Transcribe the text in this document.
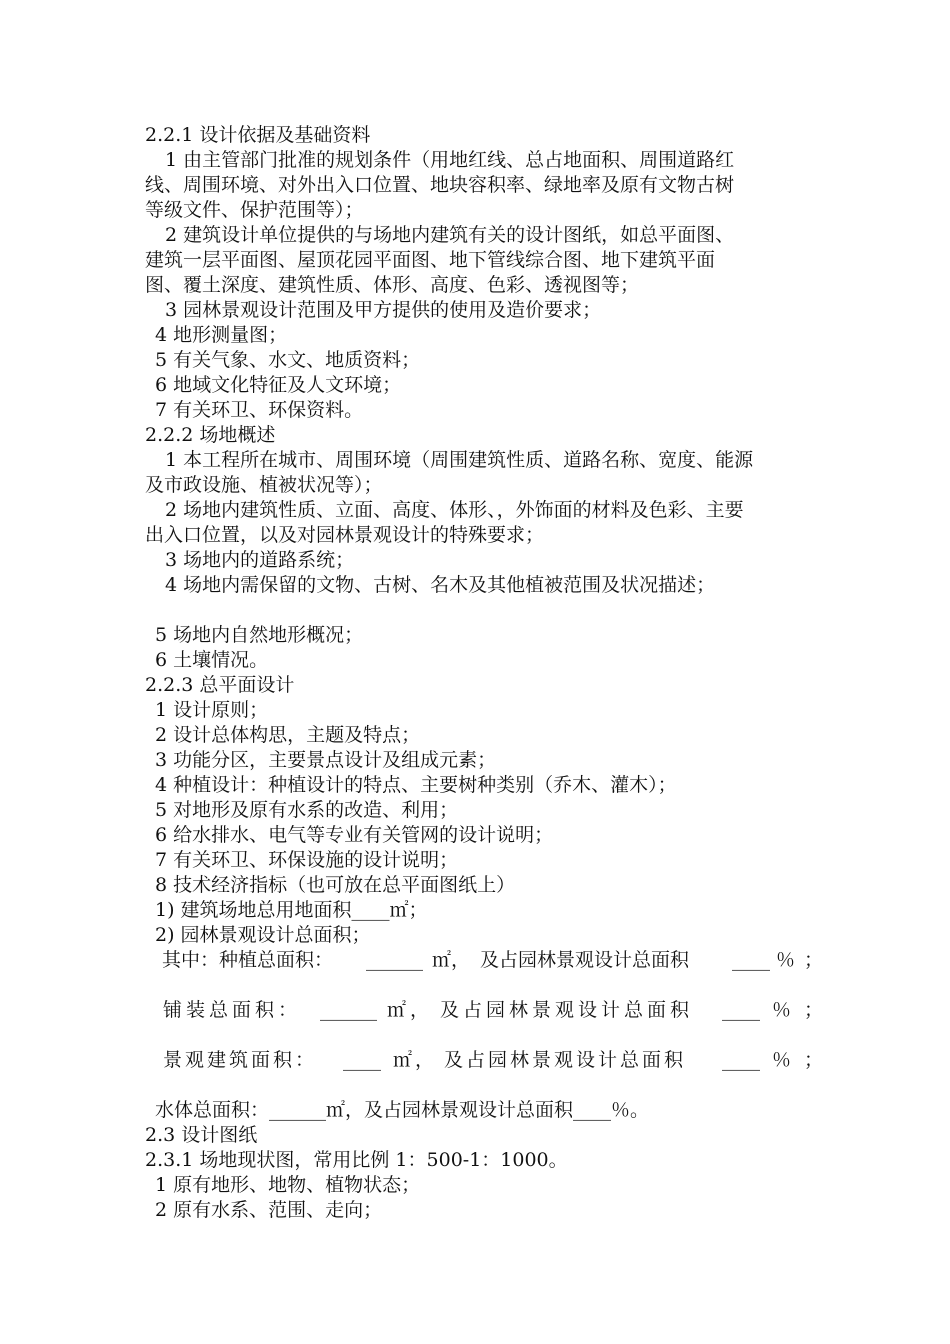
2.2.1 设计依据及基础资料
1 由主管部门批准的规划条件（用地红线、总占地面积、周围道路红
线、周围环境、对外出入口位置、地块容积率、绿地率及原有文物古树
等级文件、保护范围等）；
2 建筑设计单位提供的与场地内建筑有关的设计图纸，如总平面图、
建筑一层平面图、屋顶花园平面图、地下管线综合图、地下建筑平面
图、覆土深度、建筑性质、体形、高度、色彩、透视图等；
3 园林景观设计范围及甲方提供的使用及造价要求；
4 地形测量图；
5 有关气象、水文、地质资料；
6 地域文化特征及人文环境；
7 有关环卫、环保资料。
2.2.2 场地概述
1 本工程所在城市、周围环境（周围建筑性质、道路名称、宽度、能源
及市政设施、植被状况等）；
2 场地内建筑性质、立面、高度、体形、，外饰面的材料及色彩、主要
出入口位置，以及对园林景观设计的特殊要求；
3 场地内的道路系统；
4 场地内需保留的文物、古树、名木及其他植被范围及状况描述；
5 场地内自然地形概况；
6 土壤情况。
2.2.3 总平面设计
1 设计原则；
2 设计总体构思，主题及特点；
3 功能分区，主要景点设计及组成元素；
4 种植设计：种植设计的特点、主要树种类别（乔木、灌木）；
5 对地形及原有水系的改造、利用；
6 给水排水、电气等专业有关管网的设计说明；
7 有关环卫、环保设施的设计说明；
8 技术经济指标（也可放在总平面图纸上）
1) 建筑场地总用地面积____㎡；
2) 园林景观设计总面积；
其中：种植总面积： ______ ㎡， 及占园林景观设计总面积 ____ ％ ；
铺装总面积： ______ ㎡， 及占园林景观设计总面积 ____ ％ ；
景观建筑面积： ____ ㎡， 及占园林景观设计总面积 ____ ％ ；
水体总面积：______㎡，及占园林景观设计总面积____％。
2.3 设计图纸
2.3.1 场地现状图，常用比例 1：500-1：1000。
1 原有地形、地物、植物状态；
2 原有水系、范围、走向；
